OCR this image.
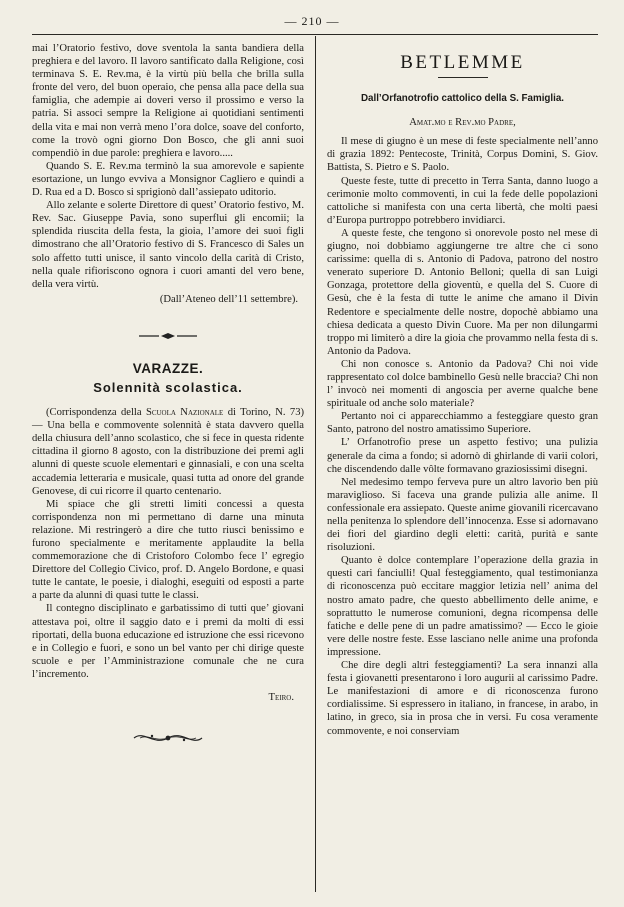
— 210 —

mai l’Oratorio festivo, dove sventola la santa bandiera della preghiera e del lavoro. Il lavoro santificato dalla Religione, così terminava S. E. Rev.ma, è la virtù più bella che brilla sulla fronte del vero, del buon operaio, che pensa alla pace della sua famiglia, che adempie ai doveri verso il prossimo e verso la patria. Si associ sempre la Religione ai quotidiani sentimenti della vita e mai non verrà meno l’ora dolce, soave del conforto, come la trovò ogni giorno Don Bosco, che gli anni suoi compendiò in due parole: preghiera e lavoro.....

Quando S. E. Rev.ma terminò la sua amorevole e sapiente esortazione, un lungo evviva a Monsignor Cagliero e quindi a D. Rua ed a D. Bosco si sprigionò dall’assiepato uditorio.

Allo zelante e solerte Direttore di quest’ Oratorio festivo, M. Rev. Sac. Giuseppe Pavia, sono superflui gli encomii; la splendida riuscita della festa, la gioia, l’amore dei suoi figli dimostrano che all’Oratorio festivo di S. Francesco di Sales un solo affetto tutti unisce, il santo vincolo della carità di Cristo, nella quale rifioriscono ognora i cuori amanti del vero bene, della vera virtù.

(Dall’Ateneo dell’11 settembre).

VARAZZE.
Solennità scolastica.

(Corrispondenza della Scuola Nazionale di Torino, N. 73) — Una bella e commovente solennità è stata davvero quella della chiusura dell’anno scolastico, che si fece in questa ridente cittadina il giorno 8 agosto, con la distribuzione dei premi agli alunni di queste scuole elementari e ginnasiali, e con una scelta accademia letteraria e musicale, quasi tutta ad onore del grande Genovese, di cui ricorre il quarto centenario.

Mi spiace che gli stretti limiti concessi a questa corrispondenza non mi permettano di darne una minuta relazione. Mi restringerò a dire che tutto riuscì benissimo e furono specialmente e meritamente applaudite la bella commemorazione che di Cristoforo Colombo fece l’ egregio Direttore del Collegio Civico, prof. D. Angelo Bordone, e quasi tutte le cantate, le poesie, i dialoghi, eseguiti od esposti a parte a parte da alunni di quasi tutte le classi.

Il contegno disciplinato e garbatissimo di tutti que’ giovani attestava poi, oltre il saggio dato e i premi da molti di essi riportati, della buona educazione ed istruzione che essi ricevono e in Collegio e fuori, e sono un bel vanto per chi dirige queste scuole e per l’Amministrazione comunale che ne cura l’incremento.

Teiro.

BETLEMME
Dall’Orfanotrofio cattolico della S. Famiglia.

Amat.mo e Rev.mo Padre,

Il mese di giugno è un mese di feste specialmente nell’anno di grazia 1892: Pentecoste, Trinità, Corpus Domini, S. Giov. Battista, S. Pietro e S. Paolo.

Queste feste, tutte di precetto in Terra Santa, danno luogo a cerimonie molto commoventi, in cui la fede delle popolazioni cattoliche si manifesta con una certa libertà, che molti paesi d’Europa purtroppo potrebbero invidiarci.

A queste feste, che tengono sì onorevole posto nel mese di giugno, noi dobbiamo aggiungerne tre altre che ci sono carissime: quella di s. Antonio di Padova, patrono del nostro venerato superiore D. Antonio Belloni; quella di san Luigi Gonzaga, protettore della gioventù, e quella del S. Cuore di Gesù, che è la festa di tutte le anime che amano il Divin Redentore e specialmente delle nostre, dopochè abbiamo una chiesa dedicata a questo Divin Cuore. Ma per non dilungarmi troppo mi limiterò a dire la gioia che provammo nella festa di s. Antonio da Padova.

Chi non conosce s. Antonio da Padova? Chi noi vide rappresentato col dolce bambinello Gesù nelle braccia? Chi non l’ invocò nei momenti di angoscia per averne qualche bene spirituale od anche solo materiale?

Pertanto noi ci apparecchiammo a festeggiare questo gran Santo, patrono del nostro amatissimo Superiore.

L’ Orfanotrofio prese un aspetto festivo; una pulizia generale da cima a fondo; si adornò di ghirlande di varii colori, che discendendo dalle vôlte formavano graziosissimi disegni.

Nel medesimo tempo ferveva pure un altro lavorìo ben più maraviglioso. Si faceva una grande pulizia alle anime. Il confessionale era assiepato. Queste anime giovanili ricercavano nella penitenza lo splendore dell’innocenza. Esse si adornavano dei fiori del giardino degli eletti: carità, purità e sante risoluzioni.

Quanto è dolce contemplare l’operazione della grazia in questi cari fanciulli! Qual festeggiamento, qual testimonianza di riconoscenza può eccitare maggior letizia nell’ anima del nostro amato padre, che questo abbellimento delle anime, e soprattutto le numerose comunioni, degna ricompensa delle fatiche e delle pene di un padre amatissimo? — Ecco le gioie vere delle nostre feste. Esse lasciano nelle anime una profonda impressione.

Che dire degli altri festeggiamenti? La sera innanzi alla festa i giovanetti presentarono i loro augurii al carissimo Padre. Le manifestazioni di amore e di riconoscenza furono cordialissime. Si espressero in italiano, in francese, in arabo, in latino, in greco, sia in prosa che in versi. Fu cosa veramente commovente, e noi conserviam
